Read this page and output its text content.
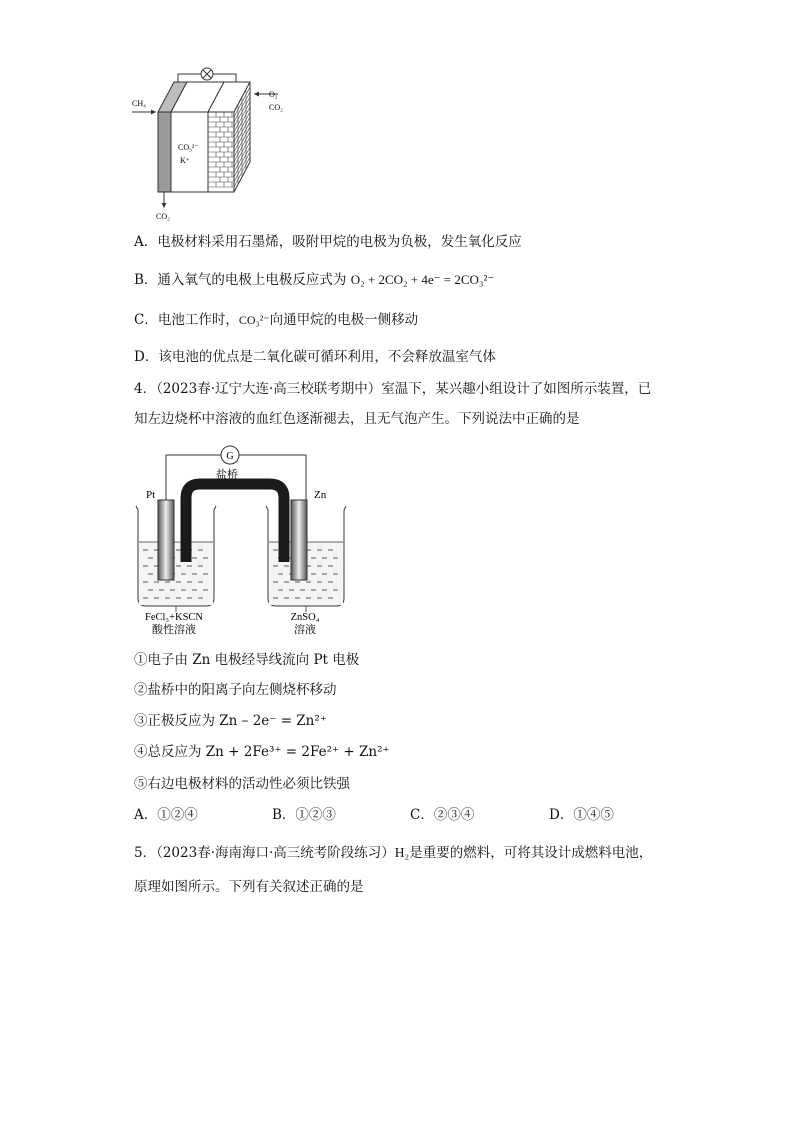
CH₄
O₂
CO₂
CO₃²⁻
K⁺
CO₂
A．电极材料采用石墨烯，吸附甲烷的电极为负极，发生氧化反应
B．通入氧气的电极上电极反应式为 O₂ + 2CO₂ + 4e⁻ = 2CO₃²⁻
C．电池工作时，CO₃²⁻向通甲烷的电极一侧移动
D．该电池的优点是二氧化碳可循环利用，不会释放温室气体
4．（2023春·辽宁大连·高三校联考期中）室温下，某兴趣小组设计了如图所示装置，已
知左边烧杯中溶液的血红色逐渐褪去，且无气泡产生。下列说法中正确的是
G
盐桥
Pt	Zn
FeCl₃+KSCN
酸性溶液
ZnSO₄
溶液
①电子由 Zn 电极经导线流向 Pt 电极
②盐桥中的阳离子向左侧烧杯移动
③正极反应为 Zn – 2e⁻ = Zn²⁺
④总反应为 Zn + 2Fe³⁺ = 2Fe²⁺ + Zn²⁺
⑤右边电极材料的活动性必须比铁强
A．①②④	B．①②③	C．②③④	D．①④⑤
5．（2023春·海南海口·高三统考阶段练习）H₂是重要的燃料，可将其设计成燃料电池，
原理如图所示。下列有关叙述正确的是
